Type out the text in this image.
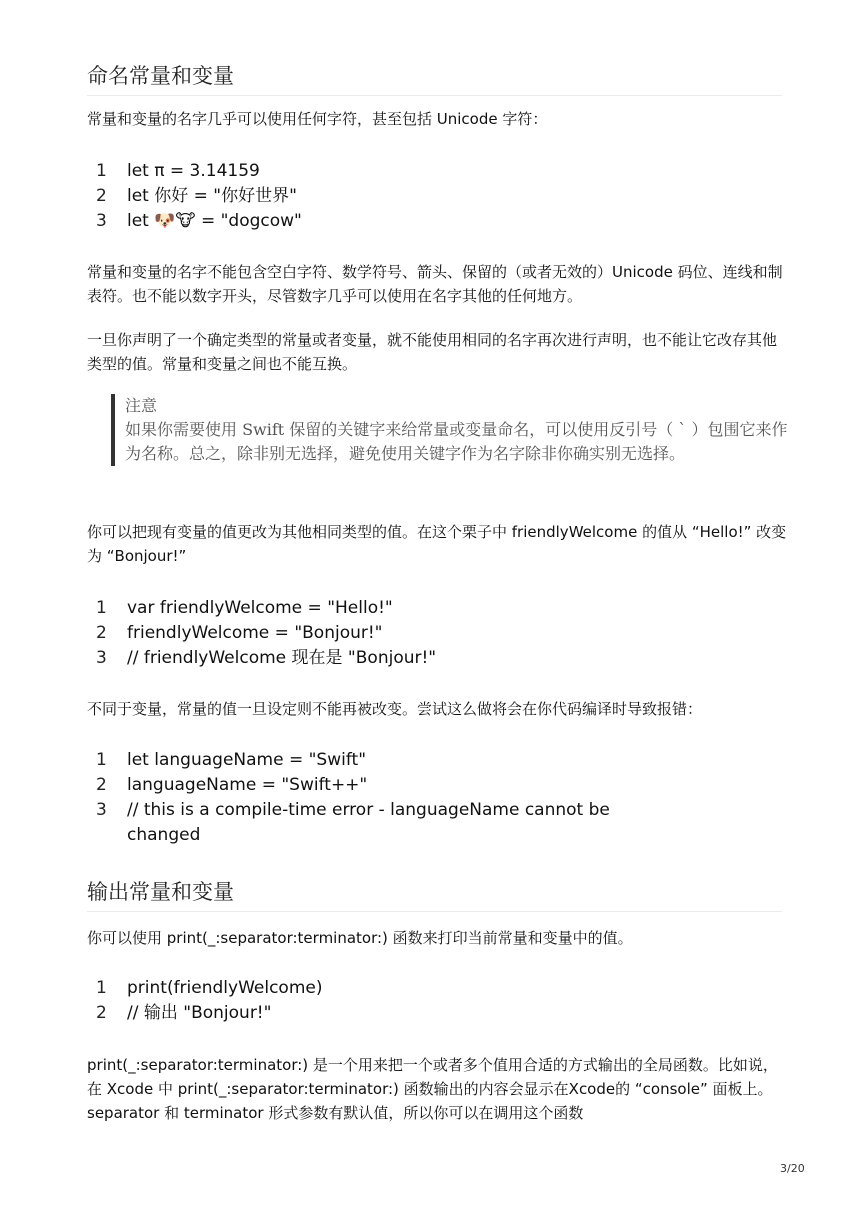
命名常量和变量
常量和变量的名字几乎可以使用任何字符，甚至包括 Unicode 字符：
1	let π = 3.14159
2	let 你好 = "你好世界"
3	let 🐶🐮 = "dogcow"
常量和变量的名字不能包含空白字符、数学符号、箭头、保留的（或者无效的）Unicode 码位、连线和制表符。也不能以数字开头，尽管数字几乎可以使用在名字其他的任何地方。
一旦你声明了一个确定类型的常量或者变量，就不能使用相同的名字再次进行声明，也不能让它改存其他类型的值。常量和变量之间也不能互换。
注意
如果你需要使用 Swift 保留的关键字来给常量或变量命名，可以使用反引号（ ` ）包围它来作为名称。总之，除非别无选择，避免使用关键字作为名字除非你确实别无选择。
你可以把现有变量的值更改为其他相同类型的值。在这个栗子中 friendlyWelcome 的值从 “Hello!” 改变为 “Bonjour!”
1	var friendlyWelcome = "Hello!"
2	friendlyWelcome = "Bonjour!"
3	// friendlyWelcome 现在是 "Bonjour!"
不同于变量，常量的值一旦设定则不能再被改变。尝试这么做将会在你代码编译时导致报错：
1	let languageName = "Swift"
2	languageName = "Swift++"
3	// this is a compile-time error - languageName cannot be changed
输出常量和变量
你可以使用 print(_:separator:terminator:) 函数来打印当前常量和变量中的值。
1	print(friendlyWelcome)
2	// 输出 "Bonjour!"
print(_:separator:terminator:) 是一个用来把一个或者多个值用合适的方式输出的全局函数。比如说，在 Xcode 中 print(_:separator:terminator:) 函数输出的内容会显示在Xcode的 “console” 面板上。 separator 和 terminator 形式参数有默认值，所以你可以在调用这个函数
3/20
